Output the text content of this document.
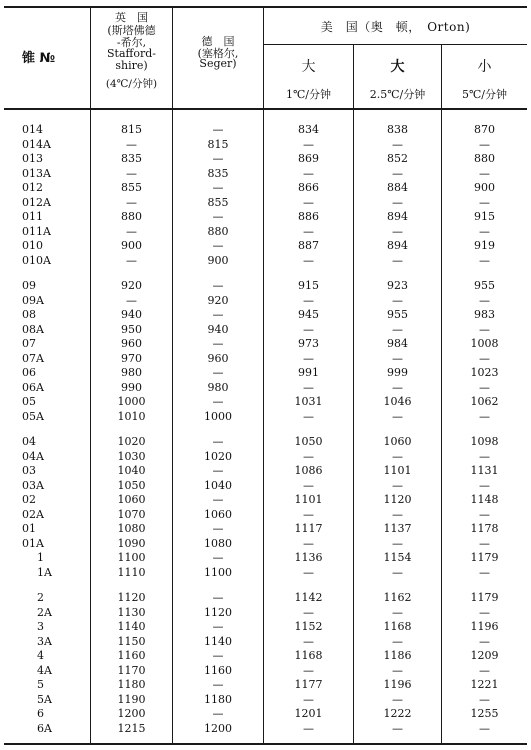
锥 №
英　国
(斯塔佛德
-希尔,
Stafford-
shire)
(4℃/分钟)
德　国
(塞格尔,
Seger)
美　国（奥　顿，　Orton)
大
1℃/分钟
大
2.5℃/分钟
小
5℃/分钟
014	815	—	834	838	870
014A	—	815	—	—	—
013	835	—	869	852	880
013A	—	835	—	—	—
012	855	—	866	884	900
012A	—	855	—	—	—
011	880	—	886	894	915
011A	—	880	—	—	—
010	900	—	887	894	919
010A	—	900	—	—	—
09	920	—	915	923	955
09A	—	920	—	—	—
08	940	—	945	955	983
08A	950	940	—	—	—
07	960	—	973	984	1008
07A	970	960	—	—	—
06	980	—	991	999	1023
06A	990	980	—	—	—
05	1000	—	1031	1046	1062
05A	1010	1000	—	—	—
04	1020	—	1050	1060	1098
04A	1030	1020	—	—	—
03	1040	—	1086	1101	1131
03A	1050	1040	—	—	—
02	1060	—	1101	1120	1148
02A	1070	1060	—	—	—
01	1080	—	1117	1137	1178
01A	1090	1080	—	—	—
1	1100	—	1136	1154	1179
1A	1110	1100	—	—	—
2	1120	—	1142	1162	1179
2A	1130	1120	—	—	—
3	1140	—	1152	1168	1196
3A	1150	1140	—	—	—
4	1160	—	1168	1186	1209
4A	1170	1160	—	—	—
5	1180	—	1177	1196	1221
5A	1190	1180	—	—	—
6	1200	—	1201	1222	1255
6A	1215	1200	—	—	—
